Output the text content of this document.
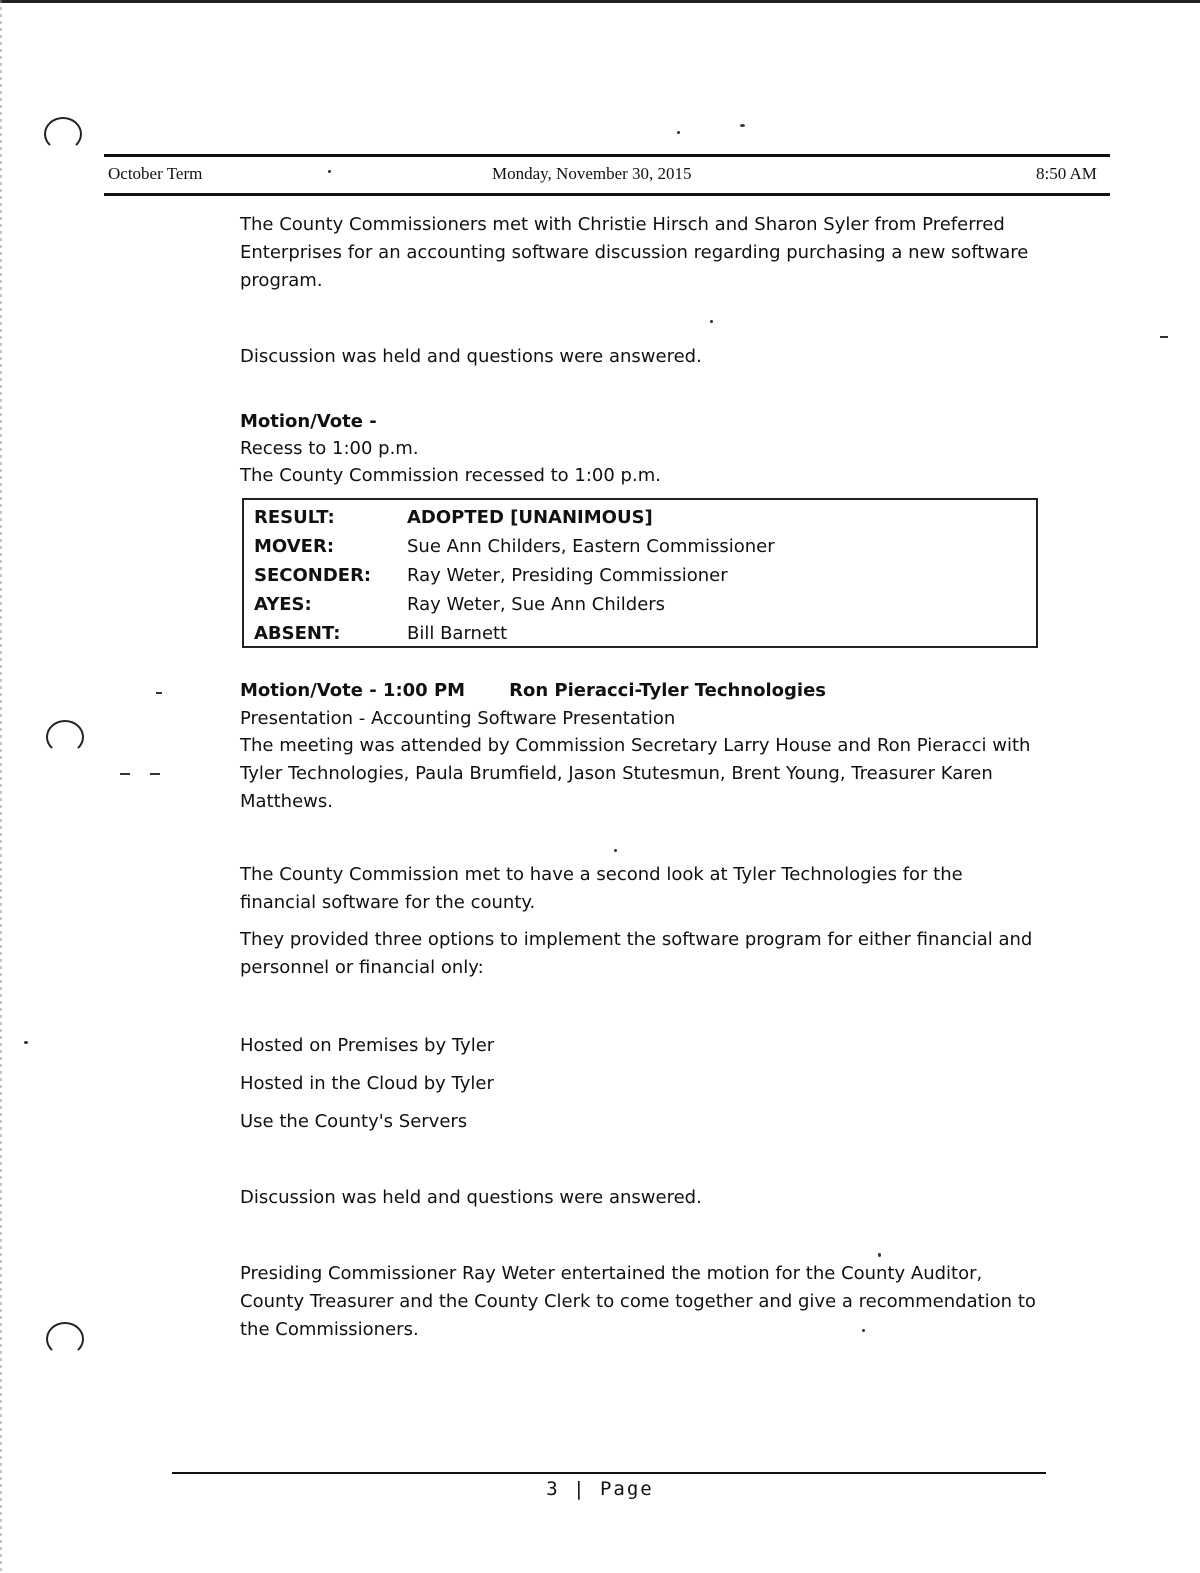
October Term	Monday, November 30, 2015	8:50 AM

The County Commissioners met with Christie Hirsch and Sharon Syler from Preferred Enterprises for an accounting software discussion regarding purchasing a new software program.

Discussion was held and questions were answered.

Motion/Vote -

Recess to 1:00 p.m.

The County Commission recessed to 1:00 p.m.

RESULT:	ADOPTED [UNANIMOUS]
MOVER:	Sue Ann Childers, Eastern Commissioner
SECONDER: Ray Weter, Presiding Commissioner
AYES:	Ray Weter, Sue Ann Childers
ABSENT:	Bill Barnett

Motion/Vote - 1:00 PM Ron Pieracci-Tyler Technologies

Presentation - Accounting Software Presentation

The meeting was attended by Commission Secretary Larry House and Ron Pieracci with Tyler Technologies, Paula Brumfield, Jason Stutesmun, Brent Young, Treasurer Karen Matthews.

The County Commission met to have a second look at Tyler Technologies for the financial software for the county.

They provided three options to implement the software program for either financial and personnel or financial only:

Hosted on Premises by Tyler

Hosted in the Cloud by Tyler

Use the County's Servers

Discussion was held and questions were answered.

Presiding Commissioner Ray Weter entertained the motion for the County Auditor, County Treasurer and the County Clerk to come together and give a recommendation to the Commissioners.

3 | Page
